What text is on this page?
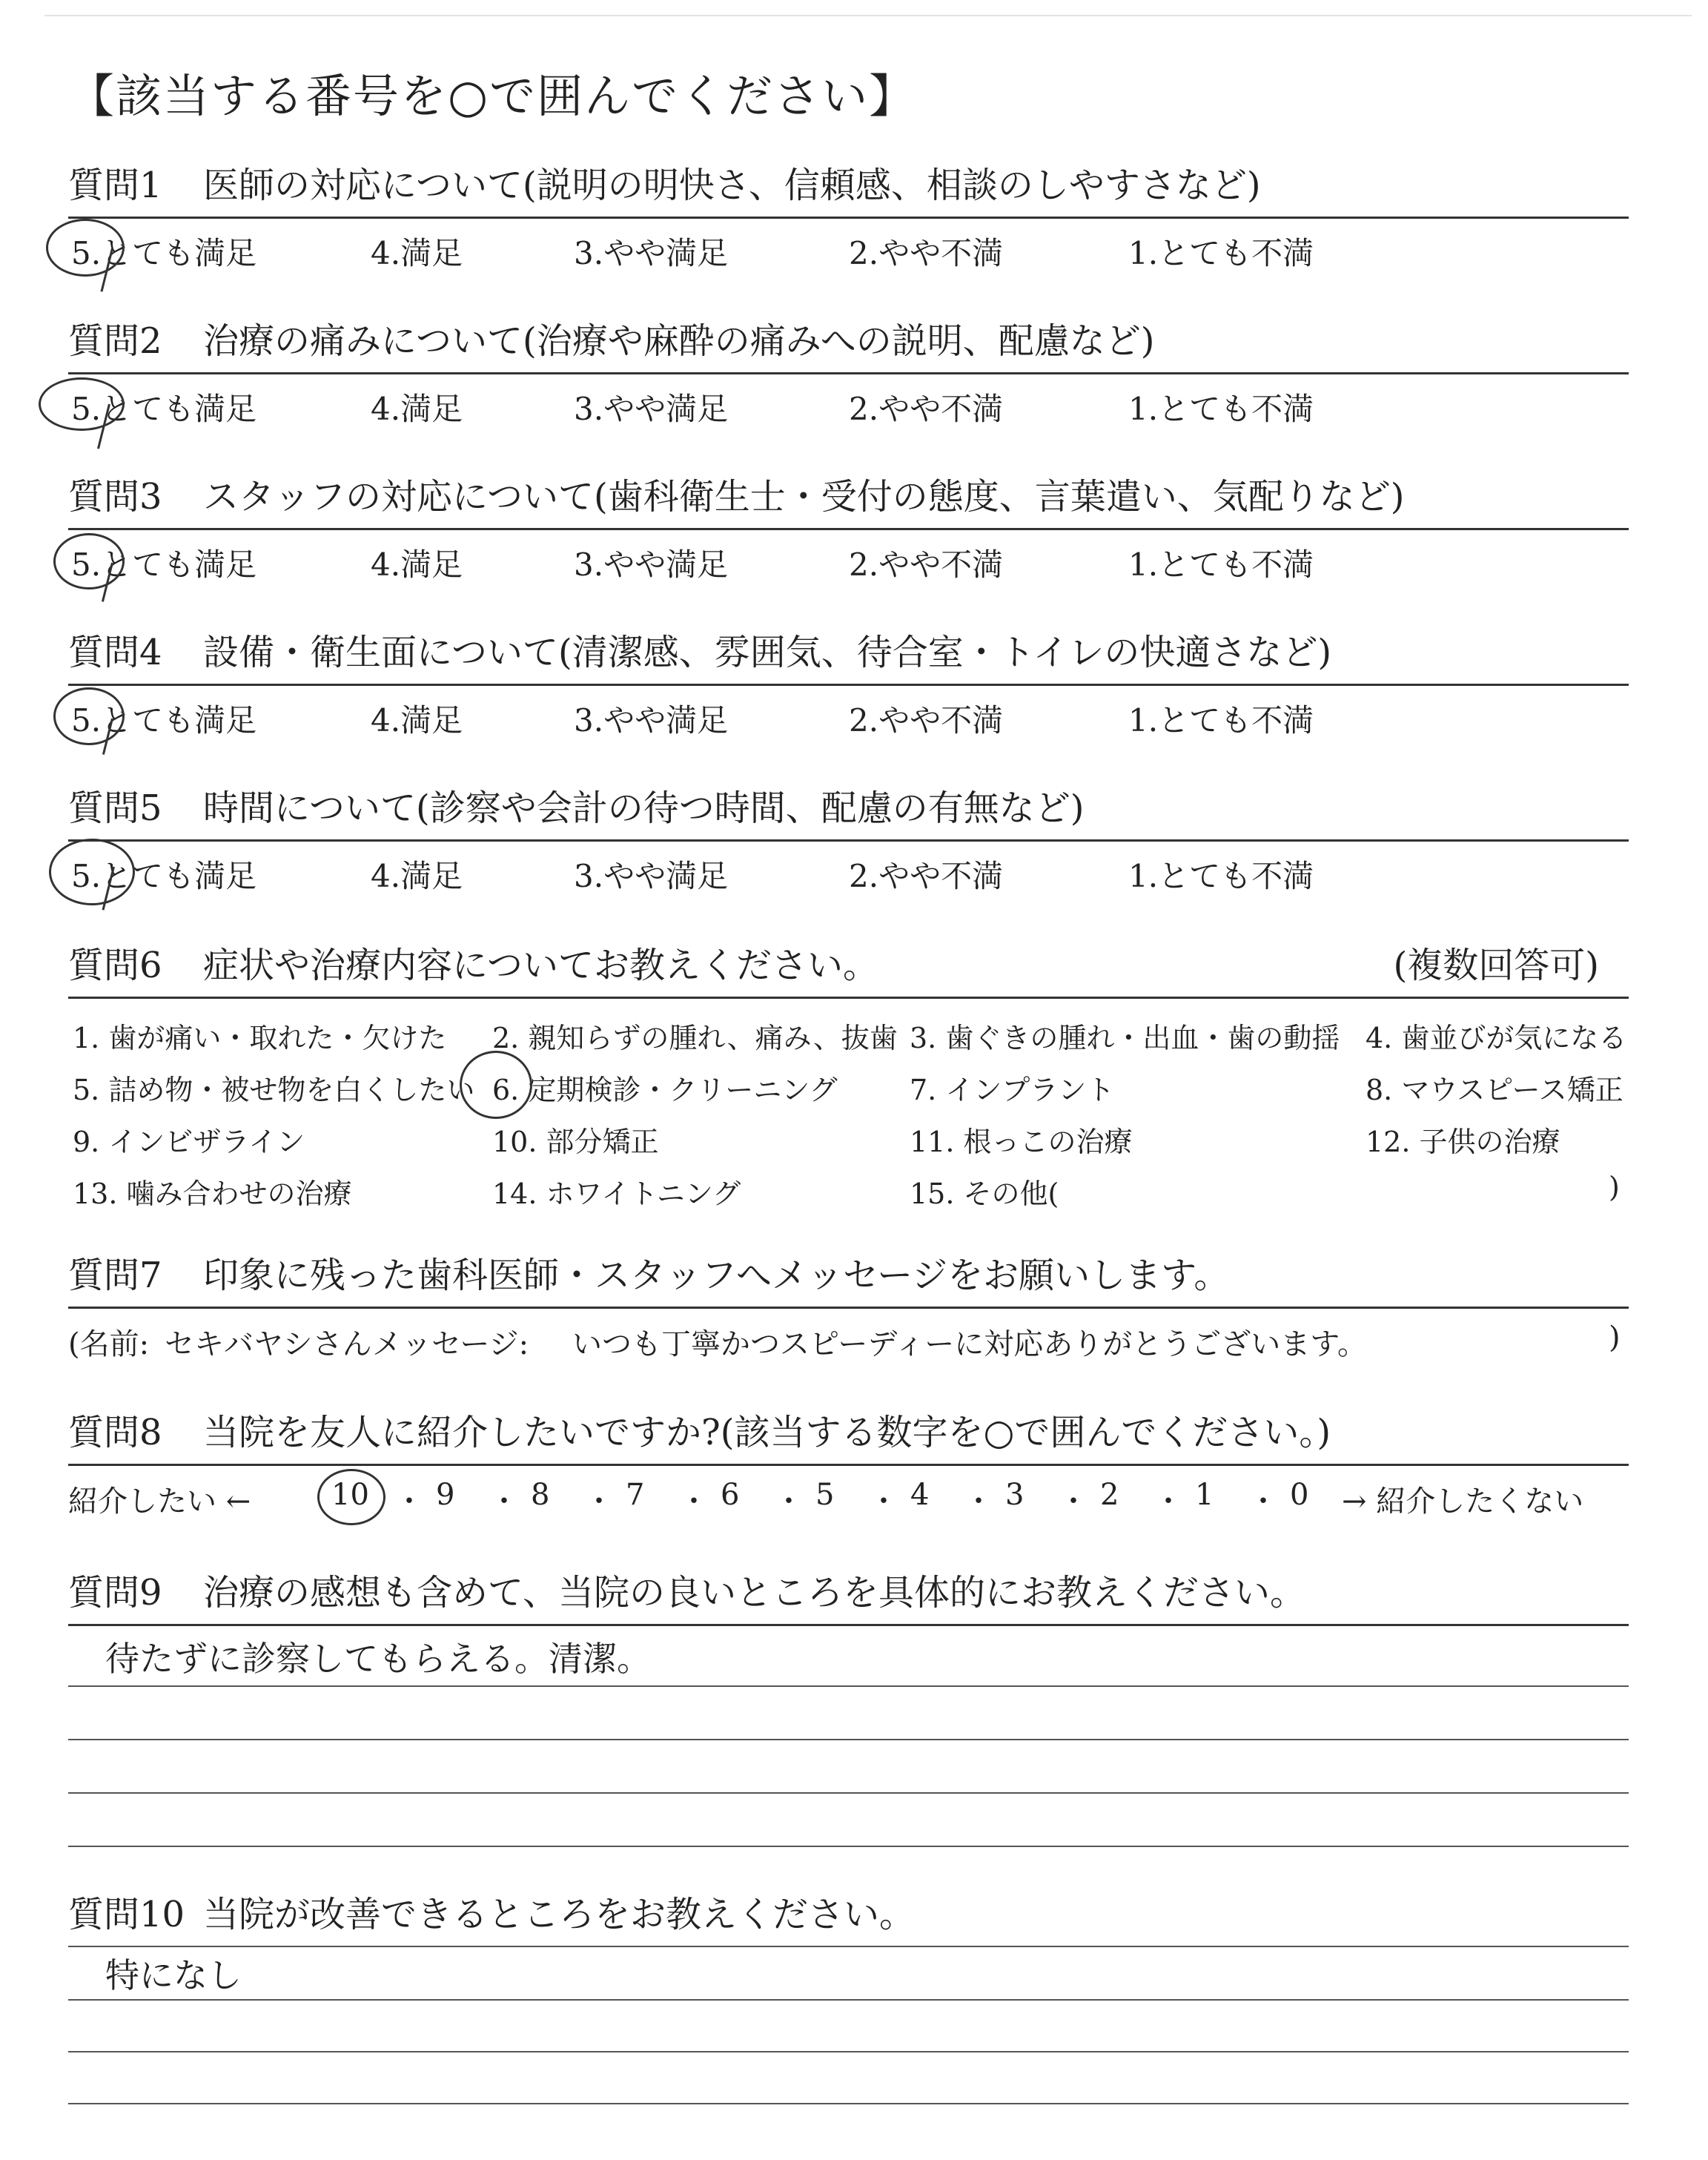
【該当する番号を○で囲んでください】
質問1 医師の対応について(説明の明快さ、信頼感、相談のしやすさなど)
5.とても満足	4.満足	3.やや満足	2.やや不満	1.とても不満
質問2 治療の痛みについて(治療や麻酔の痛みへの説明、配慮など)
5.とても満足	4.満足	3.やや満足	2.やや不満	1.とても不満
質問3 スタッフの対応について(歯科衛生士・受付の態度、言葉遣い、気配りなど)
5.とても満足	4.満足	3.やや満足	2.やや不満	1.とても不満
質問4 設備・衛生面について(清潔感、雰囲気、待合室・トイレの快適さなど)
5.とても満足	4.満足	3.やや満足	2.やや不満	1.とても不満
質問5 時間について(診察や会計の待つ時間、配慮の有無など)
5.とても満足	4.満足	3.やや満足	2.やや不満	1.とても不満
質問6 症状や治療内容についてお教えください。	(複数回答可)
1. 歯が痛い・取れた・欠けた 2. 親知らずの腫れ、痛み、抜歯 3. 歯ぐきの腫れ・出血・歯の動揺 4. 歯並びが気になる
5. 詰め物・被せ物を白くしたい 6. 定期検診・クリーニング	7. インプラント	8. マウスピース矯正
9. インビザライン	10. 部分矯正	11. 根っこの治療	12. 子供の治療
13. 噛み合わせの治療	14. ホワイトニング	15. その他(	)
質問7 印象に残った歯科医師・スタッフへメッセージをお願いします。
(名前: セキバヤシさん メッセージ: いつも丁寧かつスピーディーに対応ありがとうございます。	)
質問8 当院を友人に紹介したいですか?(該当する数字を○で囲んでください。)
紹介したい ←	10 ・ 9 ・ 8 ・ 7 ・ 6 ・ 5 ・ 4 ・ 3 ・ 2 ・ 1 ・ 0 → 紹介したくない
質問9 治療の感想も含めて、当院の良いところを具体的にお教えください。
待たずに診察してもらえる。清潔。
質問10 当院が改善できるところをお教えください。
特になし
